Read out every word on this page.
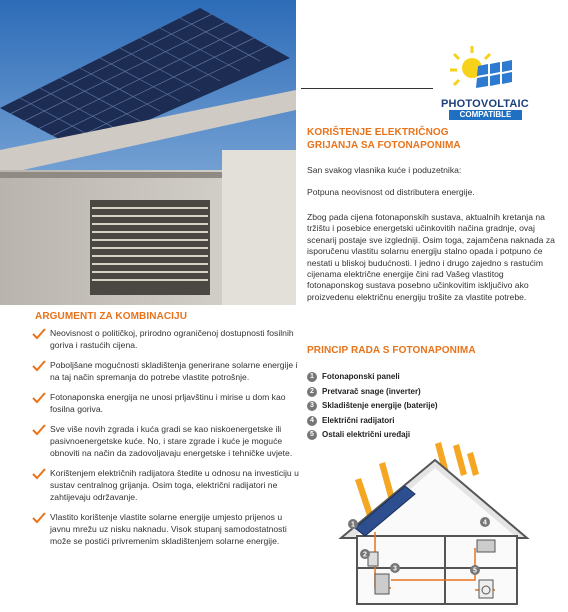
PHOTOVOLTAIC
COMPATIBLE
KORIŠTENJE ELEKTRIČNOG
GRIJANJA SA FOTONAPONIMA
San svakog vlasnika kuće i poduzetnika:
Potpuna neovisnost od distributera energije.
Zbog pada cijena fotonaponskih sustava, aktualnih kretanja na tržištu i posebice energetski učinkovitih načina gradnje, ovaj scenarij postaje sve izgledniji. Osim toga, zajamčena naknada za isporučenu vlastitu solarnu energiju stalno opada i potpuno će nestati u bliskoj budućnosti. I jedno i drugo zajedno s rastućim cijenama električne energije čini rad Vašeg vlastitog fotonaponskog sustava posebno učinkovitim isključivo ako proizvedenu električnu energiju trošite za vlastite potrebe.
PRINCIP RADA S FOTONAPONIMA
1	Fotonaponski paneli
2	Pretvarač snage (inverter)
3	Skladištenje energije (baterije)
4	Električni radijatori
5	Ostali električni uređaji
1
2
3
4
5
ARGUMENTI ZA KOMBINACIJU
Neovisnost o političkoj, prirodno ograničenoj dostupnosti fosilnih goriva i rastućih cijena.
Poboljšane mogućnosti skladištenja generirane solarne energije i na taj način spremanja do potrebe vlastite potrošnje.
Fotonaponska energija ne unosi prljavštinu i mirise u dom kao fosilna goriva.
Sve više novih zgrada i kuća gradi se kao niskoenergetske ili pasivnoenergetske kuće. No, i stare zgrade i kuće je moguće obnoviti na način da zadovoljavaju energetske i tehničke uvjete.
Korištenjem električnih radijatora štedite u odnosu na investiciju u sustav centralnog grijanja. Osim toga, električni radijatori ne zahtijevaju održavanje.
Vlastito korištenje vlastite solarne energije umjesto prijenos u javnu mrežu uz nisku naknadu. Visok stupanj samodostatnosti može se postići privremenim skladištenjem solarne energije.
